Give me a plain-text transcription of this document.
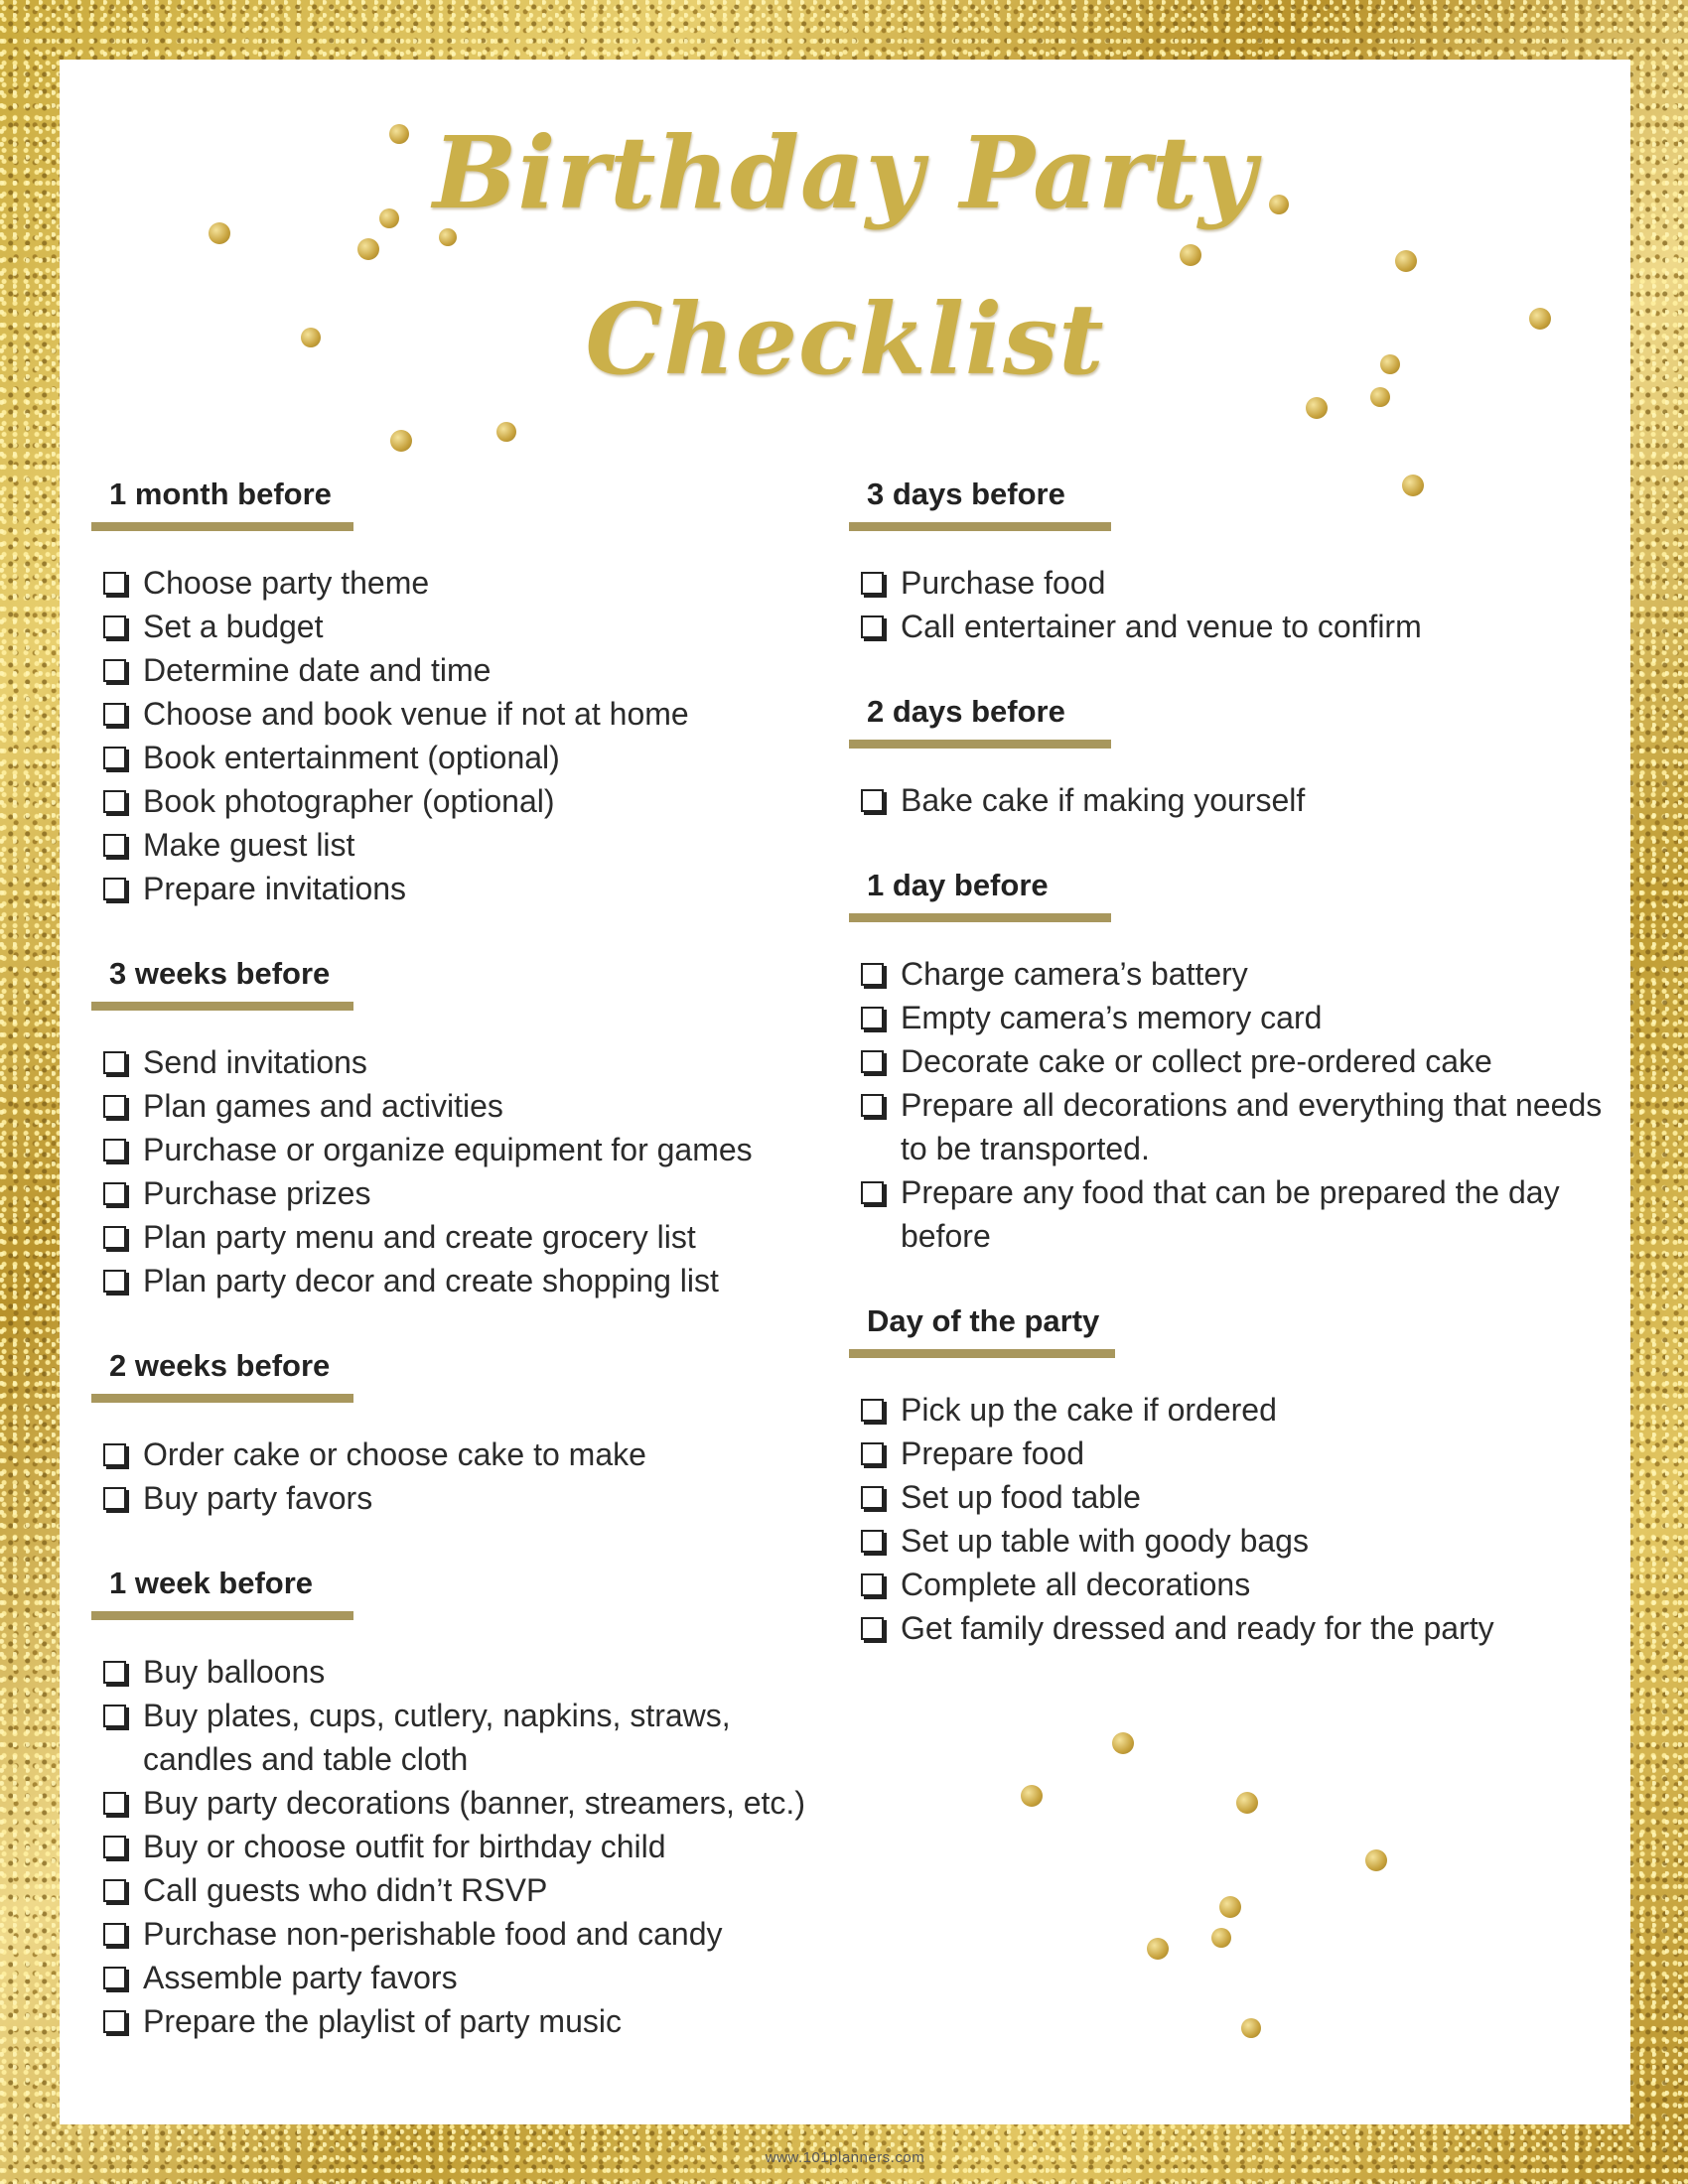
Birthday Party
Checklist
1 month before
Choose party theme
Set a budget
Determine date and time
Choose and book venue if not at home
Book entertainment (optional)
Book photographer (optional)
Make guest list
Prepare invitations
3 weeks before
Send invitations
Plan games and activities
Purchase or organize equipment for games
Purchase prizes
Plan party menu and create grocery list
Plan party decor and create shopping list
2 weeks before
Order cake or choose cake to make
Buy party favors
1 week before
Buy balloons
Buy plates, cups, cutlery, napkins, straws, candles and table cloth
Buy party decorations (banner, streamers, etc.)
Buy or choose outfit for birthday child
Call guests who didn’t RSVP
Purchase non-perishable food and candy
Assemble party favors
Prepare the playlist of party music
3 days before
Purchase food
Call entertainer and venue to confirm
2 days before
Bake cake if making yourself
1 day before
Charge camera’s battery
Empty camera’s memory card
Decorate cake or collect pre-ordered cake
Prepare all decorations and everything that needs to be transported.
Prepare any food that can be prepared the day before
Day of the party
Pick up the cake if ordered
Prepare food
Set up food table
Set up table with goody bags
Complete all decorations
Get family dressed and ready for the party
www.101planners.com
